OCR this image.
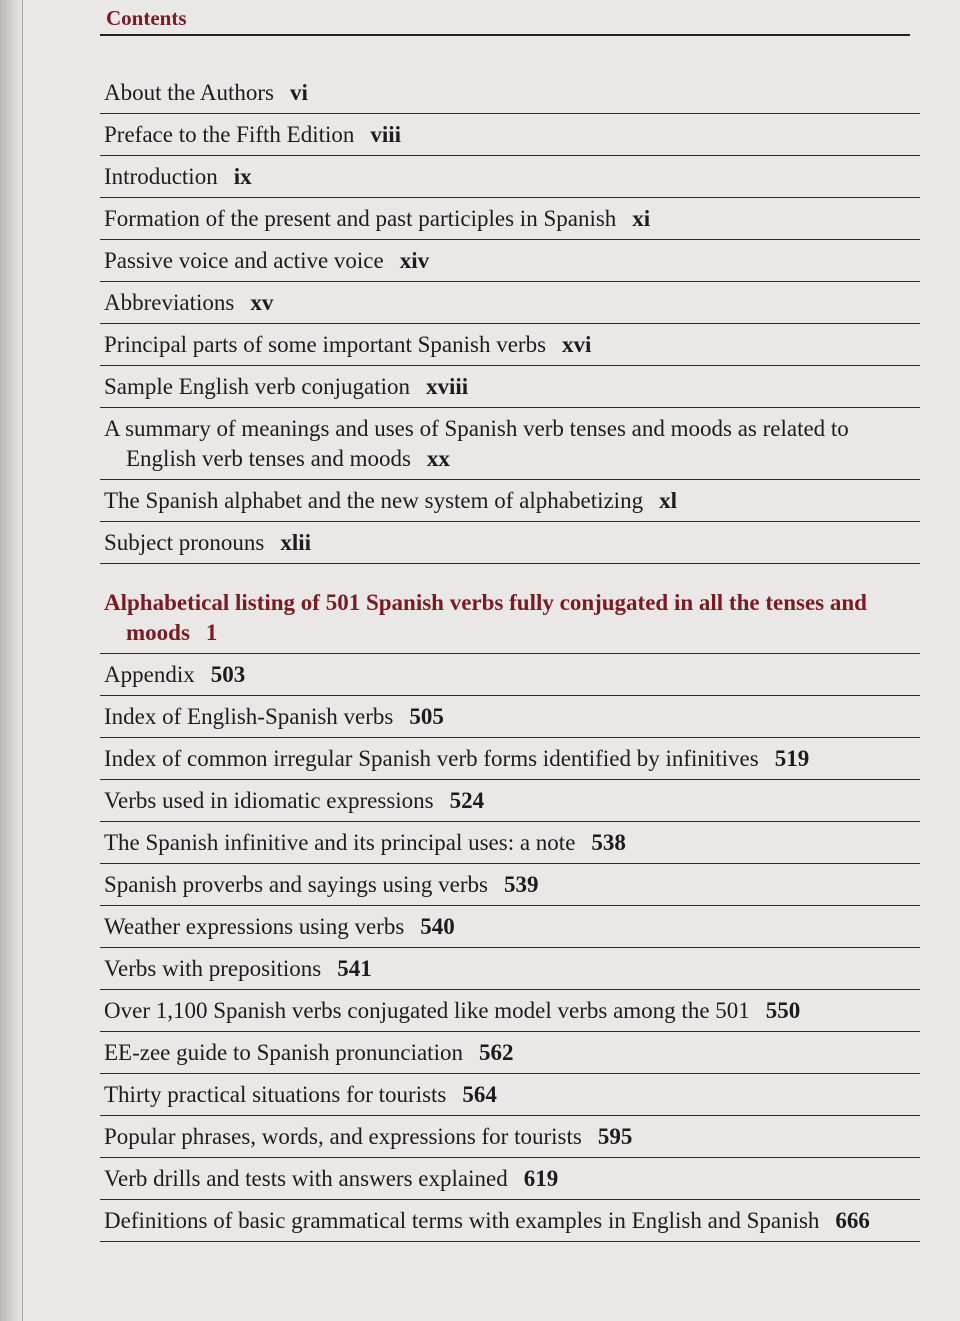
Contents
About the Authors vi
Preface to the Fifth Edition viii
Introduction ix
Formation of the present and past participles in Spanish xi
Passive voice and active voice xiv
Abbreviations xv
Principal parts of some important Spanish verbs xvi
Sample English verb conjugation xviii
A summary of meanings and uses of Spanish verb tenses and moods as related to English verb tenses and moods xx
The Spanish alphabet and the new system of alphabetizing xl
Subject pronouns xlii
Alphabetical listing of 501 Spanish verbs fully conjugated in all the tenses and moods 1
Appendix 503
Index of English-Spanish verbs 505
Index of common irregular Spanish verb forms identified by infinitives 519
Verbs used in idiomatic expressions 524
The Spanish infinitive and its principal uses: a note 538
Spanish proverbs and sayings using verbs 539
Weather expressions using verbs 540
Verbs with prepositions 541
Over 1,100 Spanish verbs conjugated like model verbs among the 501 550
EE-zee guide to Spanish pronunciation 562
Thirty practical situations for tourists 564
Popular phrases, words, and expressions for tourists 595
Verb drills and tests with answers explained 619
Definitions of basic grammatical terms with examples in English and Spanish 666
